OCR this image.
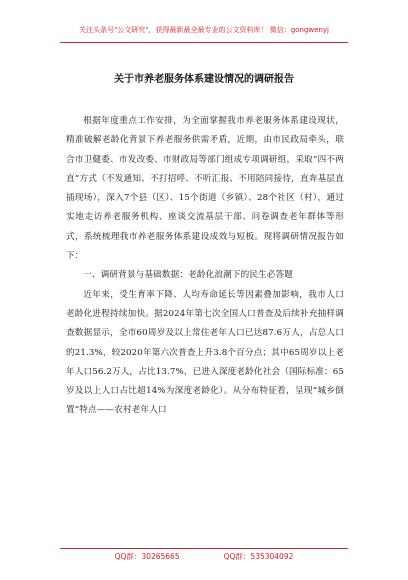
关注头条号"公文研究"，获得最新最全最专业的公文资料库！ 微信：gongwenyj
关于市养老服务体系建设情况的调研报告

根据年度重点工作安排，为全面掌握我市养老服务体系建设现状，精准破解老龄化背景下养老服务供需矛盾，近期，由市民政局牵头，联合市卫健委、市发改委、市财政局等部门组成专项调研组，采取“四不两直”方式（不发通知、不打招呼、不听汇报、不用陪同接待，直奔基层直插现场），深入7个县（区）、15个街道（乡镇）、28个社区（村），通过实地走访养老服务机构、座谈交流基层干部、问卷调查老年群体等形式，系统梳理我市养老服务体系建设成效与短板。现将调研情况报告如下：

一、调研背景与基础数据：老龄化浪潮下的民生必答题

近年来，受生育率下降、人均寿命延长等因素叠加影响，我市人口老龄化进程持续加快。据2024年第七次全国人口普查及后续补充抽样调查数据显示，全市60周岁及以上常住老年人口已达87.6万人，占总人口的21.3%，较2020年第六次普查上升3.8个百分点；其中65周岁以上老年人口56.2万人，占比13.7%，已进入深度老龄化社会（国际标准：65岁及以上人口占比超14%为深度老龄化）。从分布特征看，呈现“城乡倒置”特点——农村老年人口

QQ群：30265665	QQ群：535304092
